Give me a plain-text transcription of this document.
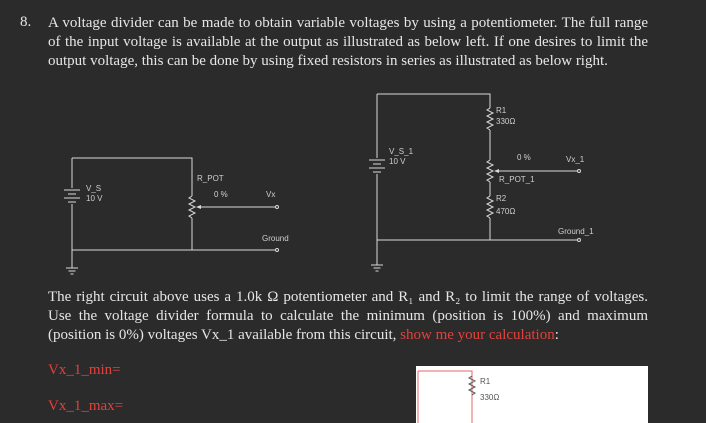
8. A voltage divider can be made to obtain variable voltages by using a potentiometer. The full range of the input voltage is available at the output as illustrated as below left. If one desires to limit the output voltage, this can be done by using fixed resistors in series as illustrated as below right.

V_S
10 V
R_POT
0 %	Vx
Ground
V_S_1
10 V
R1
330Ω
0 %	Vx_1
R_POT_1
R2
470Ω
Ground_1

The right circuit above uses a 1.0k Ω potentiometer and R₁ and R₂ to limit the range of voltages. Use the voltage divider formula to calculate the minimum (position is 100%) and maximum (position is 0%) voltages Vx_1 available from this circuit, show me your calculation:

Vx_1_min=
Vx_1_max=
R1
330Ω
